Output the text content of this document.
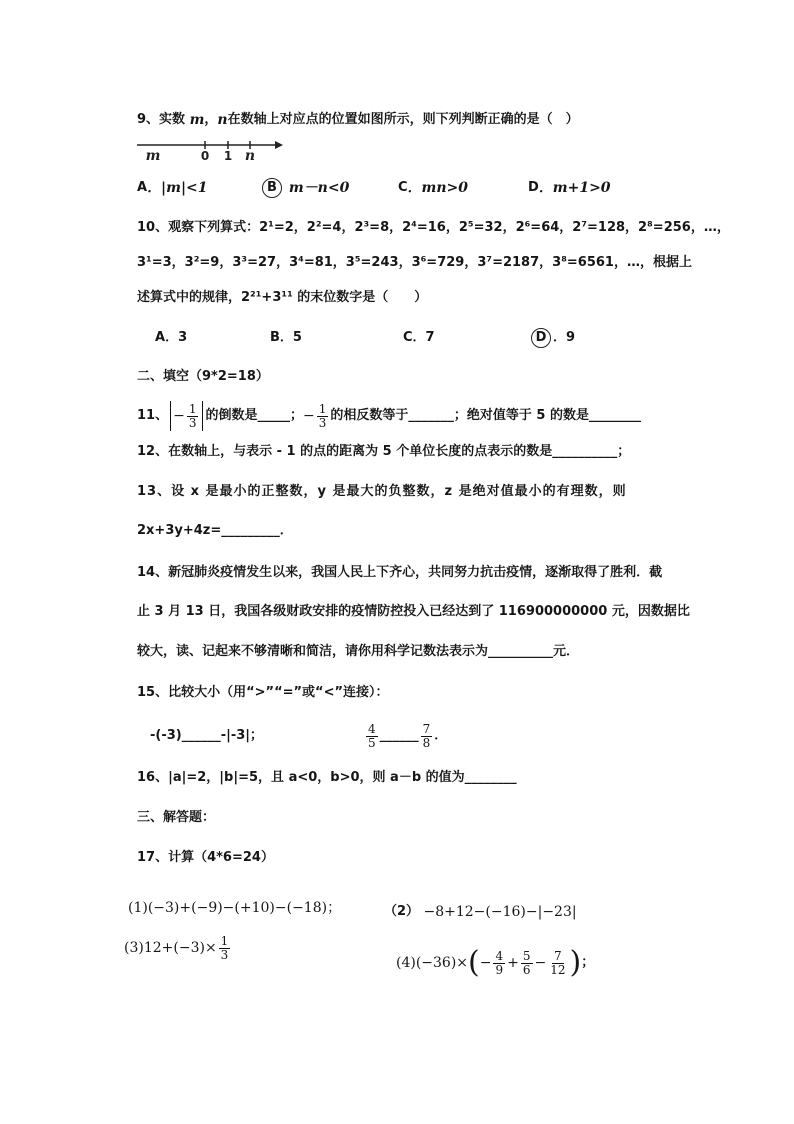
9、实数 m ， n 在数轴上对应点的位置如图所示，则下列判断正确的是（　）
m	0 1 n
A ．|m|<1	B m－n<0	C ．mn>0	D ．m+1>0
10、观察下列算式：2¹=2，2²=4，2³=8，2⁴=16，2⁵=32，2⁶=64，2⁷=128，2⁸=256，…，
3¹=3，3²=9，3³=27，3⁴=81，3⁵=243，3⁶=729，3⁷=2187，3⁸=6561，…，根据上
述算式中的规律，2²¹+3¹¹ 的末位数字是（　　）
A ．3	B ．5	C ．7	D ．9
二、填空（9*2=18）
11、 − $\frac{1}{3}$ 的倒数是_____； − $\frac{1}{3}$ 的相反数等于_______；绝对值等于 5 的数是________
12、在数轴上，与表示 - 1 的点的距离为 5 个单位长度的点表示的数是__________；
13、设 x 是最小的正整数，y 是最大的负整数，z 是绝对值最小的有理数，则
2x+3y+4z=_________．
14、新冠肺炎疫情发生以来，我国人民上下齐心，共同努力抗击疫情，逐渐取得了胜利．截
止 3 月 13 日，我国各级财政安排的疫情防控投入已经达到了 116900000000 元，因数据比
较大，读、记起来不够清晰和简洁，请你用科学记数法表示为__________元．
15、比较大小（用“>”“=”或“<”连接）：
-(-3)______-|-3|；	$\frac{4}{5}$ ______ $\frac{7}{8}$ ．
16、|a|=2，|b|=5，且 a<0，b>0，则 a－b 的值为________
三、解答题：
17、计算（4*6=24）
(1)(−3)+(−9)−(+10)−(−18)；	（2） −8+12−(−16)−|−23|
$(3)12+(-3)\times \frac{1}{3}$
(4)(−36)× ( − $\frac{4}{9} + \frac{5}{6} - \frac{7}{12}$ ) ；
